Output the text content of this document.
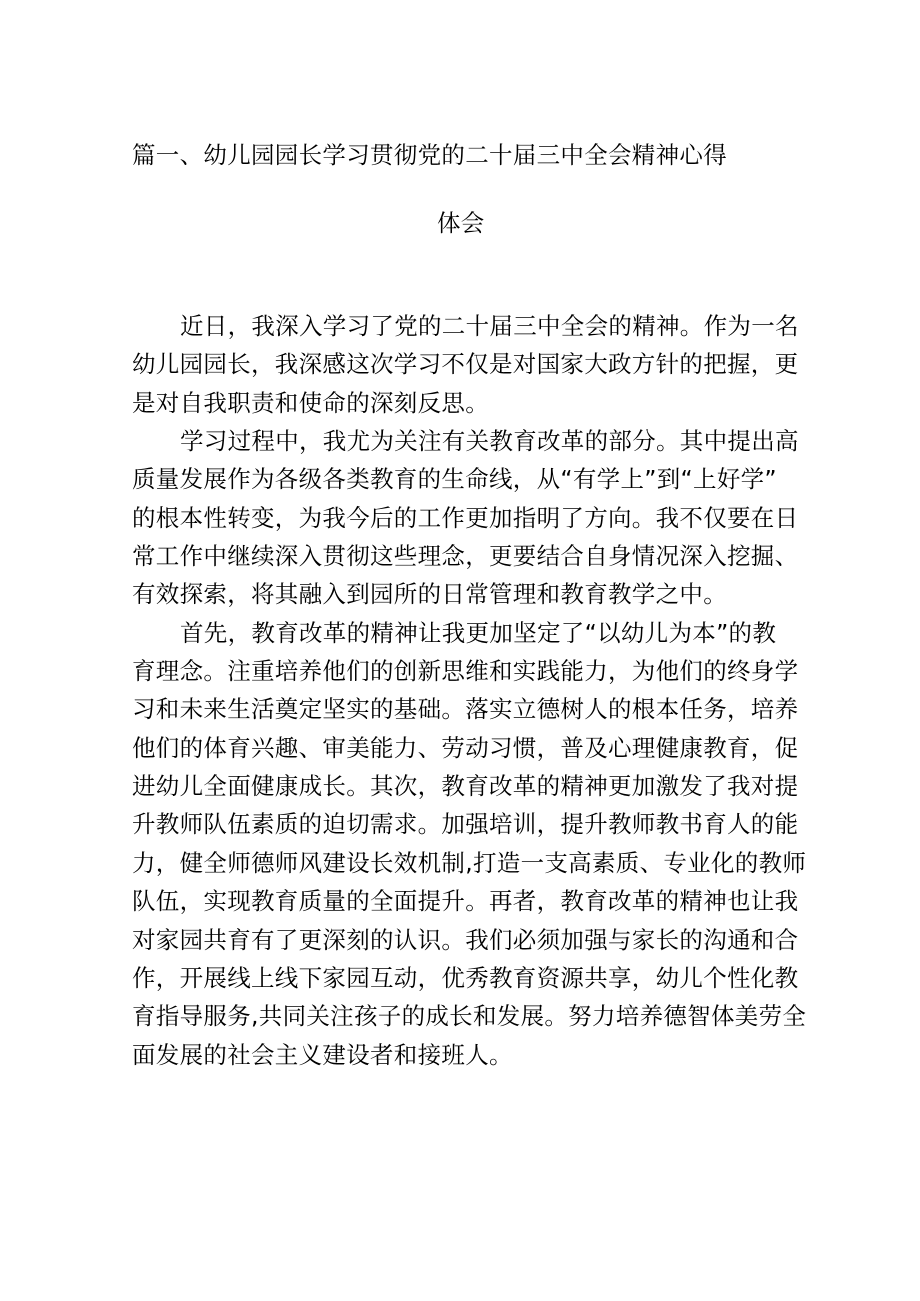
篇一、幼儿园园长学习贯彻党的二十届三中全会精神心得
体会
近日，我深入学习了党的二十届三中全会的精神。作为一名
幼儿园园长，我深感这次学习不仅是对国家大政方针的把握，更
是对自我职责和使命的深刻反思。
学习过程中，我尤为关注有关教育改革的部分。其中提出高
质量发展作为各级各类教育的生命线，从“有学上”到“上好学”
的根本性转变，为我今后的工作更加指明了方向。我不仅要在日
常工作中继续深入贯彻这些理念，更要结合自身情况深入挖掘、
有效探索，将其融入到园所的日常管理和教育教学之中。
首先，教育改革的精神让我更加坚定了“以幼儿为本”的教
育理念。注重培养他们的创新思维和实践能力，为他们的终身学
习和未来生活奠定坚实的基础。落实立德树人的根本任务，培养
他们的体育兴趣、审美能力、劳动习惯，普及心理健康教育，促
进幼儿全面健康成长。其次，教育改革的精神更加激发了我对提
升教师队伍素质的迫切需求。加强培训，提升教师教书育人的能
力，健全师德师风建设长效机制,打造一支高素质、专业化的教师
队伍，实现教育质量的全面提升。再者，教育改革的精神也让我
对家园共育有了更深刻的认识。我们必须加强与家长的沟通和合
作，开展线上线下家园互动，优秀教育资源共享，幼儿个性化教
育指导服务,共同关注孩子的成长和发展。努力培养德智体美劳全
面发展的社会主义建设者和接班人。
